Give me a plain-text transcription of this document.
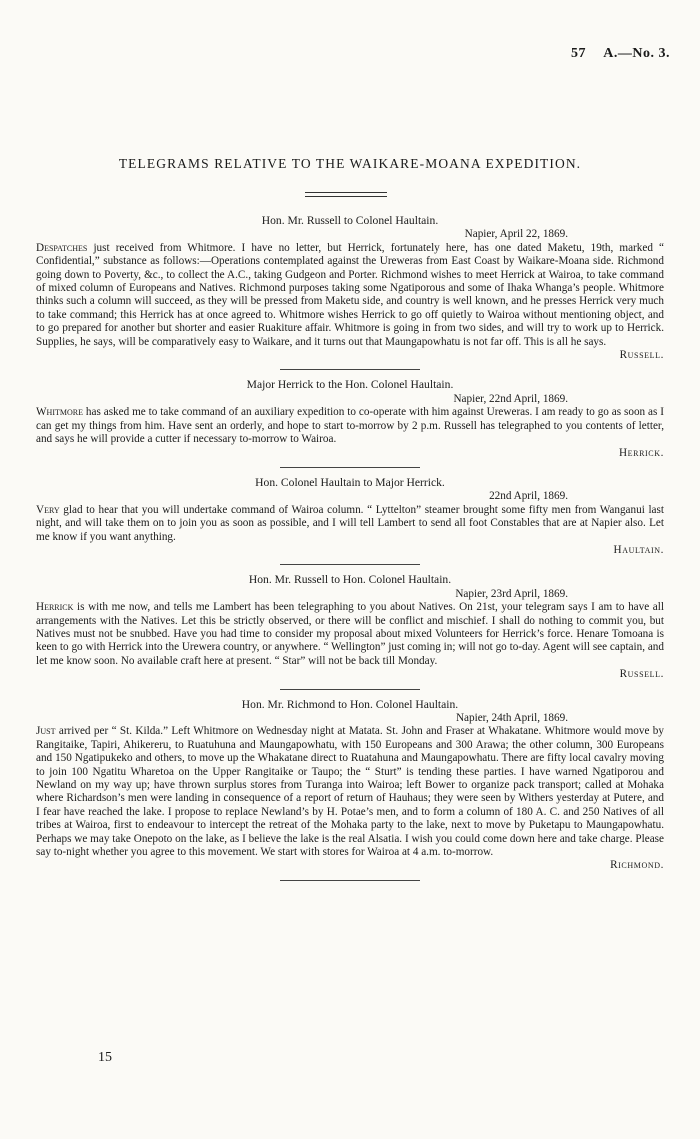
57 A.—No. 3.
TELEGRAMS RELATIVE TO THE WAIKARE-MOANA EXPEDITION.
Hon. Mr. Russell to Colonel Haultain.
Napier, April 22, 1869.
Despatches just received from Whitmore. I have no letter, but Herrick, fortunately here, has one dated Maketu, 19th, marked “ Confidential,” substance as follows:—Operations contemplated against the Ureweras from East Coast by Waikare-Moana side. Richmond going down to Poverty, &c., to collect the A.C., taking Gudgeon and Porter. Richmond wishes to meet Herrick at Wairoa, to take command of mixed column of Europeans and Natives. Richmond purposes taking some Ngatiporous and some of Ihaka Whanga’s people. Whitmore thinks such a column will succeed, as they will be pressed from Maketu side, and country is well known, and he presses Herrick very much to take command; this Herrick has at once agreed to. Whitmore wishes Herrick to go off quietly to Wairoa without mentioning object, and to go prepared for another but shorter and easier Ruakiture affair. Whitmore is going in from two sides, and will try to work up to Herrick. Supplies, he says, will be comparatively easy to Waikare, and it turns out that Maungapowhatu is not far off. This is all he says.
Russell.
Major Herrick to the Hon. Colonel Haultain.
Napier, 22nd April, 1869.
Whitmore has asked me to take command of an auxiliary expedition to co-operate with him against Ureweras. I am ready to go as soon as I can get my things from him. Have sent an orderly, and hope to start to-morrow by 2 p.m. Russell has telegraphed to you contents of letter, and says he will provide a cutter if necessary to-morrow to Wairoa.
Herrick.
Hon. Colonel Haultain to Major Herrick.
22nd April, 1869.
Very glad to hear that you will undertake command of Wairoa column. “ Lyttelton” steamer brought some fifty men from Wanganui last night, and will take them on to join you as soon as possible, and I will tell Lambert to send all foot Constables that are at Napier also. Let me know if you want anything.
Haultain.
Hon. Mr. Russell to Hon. Colonel Haultain.
Napier, 23rd April, 1869.
Herrick is with me now, and tells me Lambert has been telegraphing to you about Natives. On 21st, your telegram says I am to have all arrangements with the Natives. Let this be strictly observed, or there will be conflict and mischief. I shall do nothing to commit you, but Natives must not be snubbed. Have you had time to consider my proposal about mixed Volunteers for Herrick’s force. Henare Tomoana is keen to go with Herrick into the Urewera country, or anywhere. “ Wellington” just coming in; will not go to-day. Agent will see captain, and let me know soon. No available craft here at present. “ Star” will not be back till Monday.
Russell.
Hon. Mr. Richmond to Hon. Colonel Haultain.
Napier, 24th April, 1869.
Just arrived per “ St. Kilda.” Left Whitmore on Wednesday night at Matata. St. John and Fraser at Whakatane. Whitmore would move by Rangitaike, Tapiri, Ahikereru, to Ruatuhuna and Maungapowhatu, with 150 Europeans and 300 Arawa; the other column, 300 Europeans and 150 Ngatipukeko and others, to move up the Whakatane direct to Ruatahuna and Maungapowhatu. There are fifty local cavalry moving to join 100 Ngatitu Wharetoa on the Upper Rangitaike or Taupo; the “ Sturt” is tending these parties. I have warned Ngatiporou and Newland on my way up; have thrown surplus stores from Turanga into Wairoa; left Bower to organize pack transport; called at Mohaka where Richardson’s men were landing in consequence of a report of return of Hauhaus; they were seen by Withers yesterday at Putere, and I fear have reached the lake. I propose to replace Newland’s by H. Potae’s men, and to form a column of 180 A. C. and 250 Natives of all tribes at Wairoa, first to endeavour to intercept the retreat of the Mohaka party to the lake, next to move by Puketapu to Maungapowhatu. Perhaps we may take Onepoto on the lake, as I believe the lake is the real Alsatia. I wish you could come down here and take charge. Please say to-night whether you agree to this movement. We start with stores for Wairoa at 4 a.m. to-morrow.
Richmond.
15
